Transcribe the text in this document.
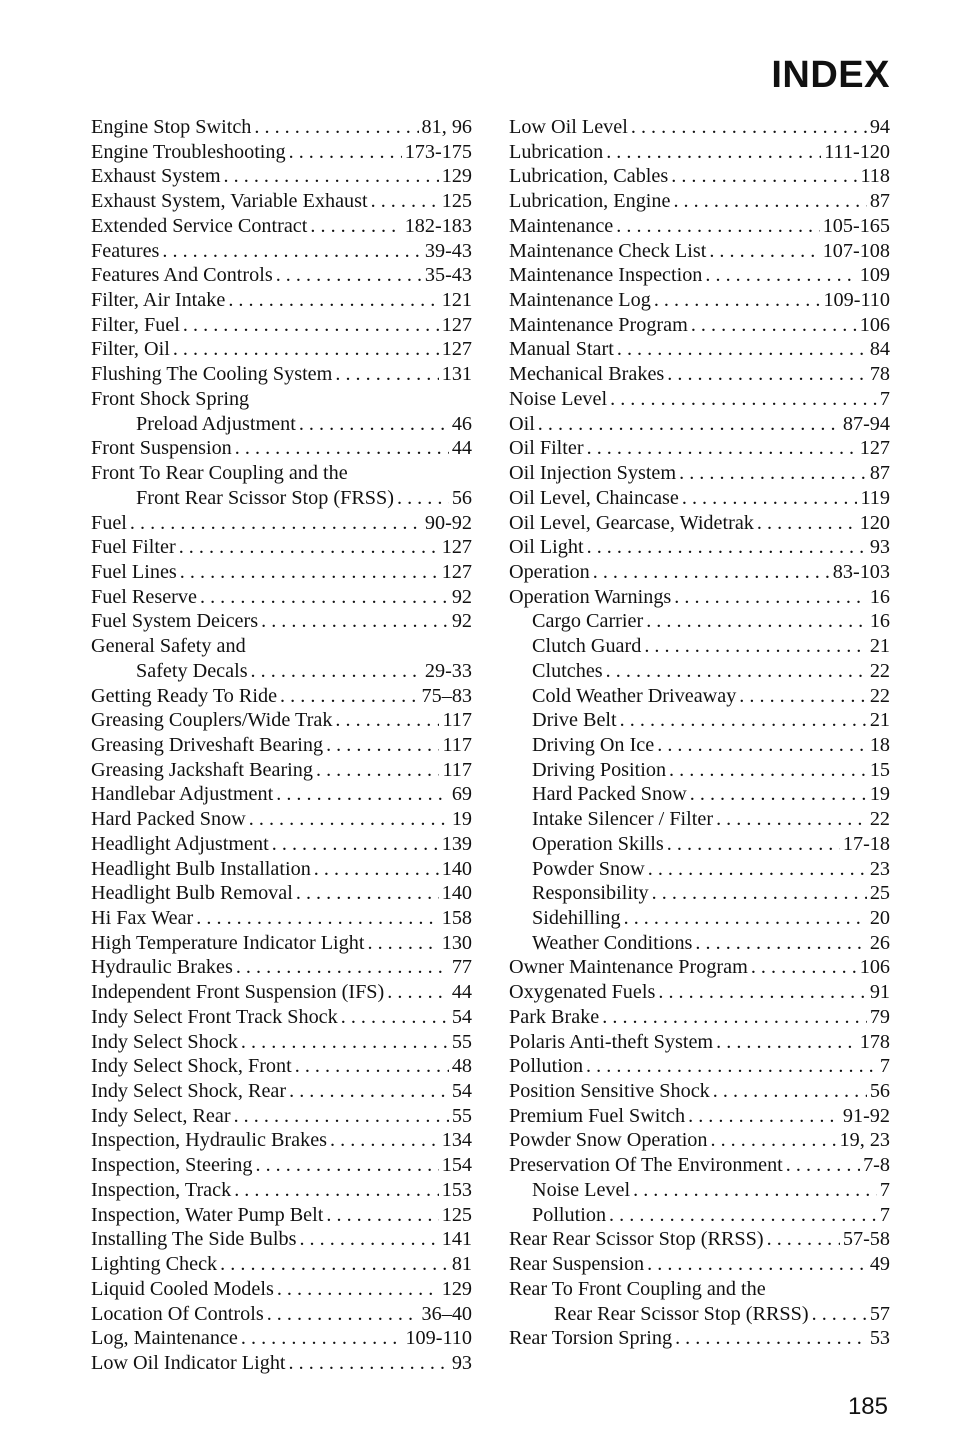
INDEX
Engine Stop Switch . . .	81, 96
Engine Troubleshooting . . .	173-175
Exhaust System . . .	129
Exhaust System, Variable Exhaust . . .	125
Extended Service Contract . . .	182-183
Features . . .	39-43
Features And Controls . . .	35-43
Filter, Air Intake . . .	121
Filter, Fuel . . .	127
Filter, Oil . . .	127
Flushing The Cooling System . . .	131
Front Shock Spring
Preload Adjustment . . .	46
Front Suspension . . .	44
Front To Rear Coupling and the
Front Rear Scissor Stop (FRSS) . . .	56
Fuel . . .	90-92
Fuel Filter . . .	127
Fuel Lines . . .	127
Fuel Reserve . . .	92
Fuel System Deicers . . .	92
General Safety and
Safety Decals . . .	29-33
Getting Ready To Ride . . .	75–83
Greasing Couplers/Wide Trak . . .	117
Greasing Driveshaft Bearing . . .	117
Greasing Jackshaft Bearing . . .	117
Handlebar Adjustment . . .	69
Hard Packed Snow . . .	19
Headlight Adjustment . . .	139
Headlight Bulb Installation . . .	140
Headlight Bulb Removal . . .	140
Hi Fax Wear . . .	158
High Temperature Indicator Light . . .	130
Hydraulic Brakes . . .	77
Independent Front Suspension (IFS) . . .	44
Indy Select Front Track Shock . . .	54
Indy Select Shock . . .	55
Indy Select Shock, Front . . .	48
Indy Select Shock, Rear . . .	54
Indy Select, Rear . . .	55
Inspection, Hydraulic Brakes . . .	134
Inspection, Steering . . .	154
Inspection, Track . . .	153
Inspection, Water Pump Belt . . .	125
Installing The Side Bulbs . . .	141
Lighting Check . . .	81
Liquid Cooled Models . . .	129
Location Of Controls . . .	36–40
Log, Maintenance . . .	109-110
Low Oil Indicator Light . . .	93
Low Oil Level . . .	94
Lubrication . . .	111-120
Lubrication, Cables . . .	118
Lubrication, Engine . . .	87
Maintenance . . .	105-165
Maintenance Check List . . .	107-108
Maintenance Inspection . . .	109
Maintenance Log . . .	109-110
Maintenance Program . . .	106
Manual Start . . .	84
Mechanical Brakes . . .	78
Noise Level . . .	7
Oil . . .	87-94
Oil Filter . . .	127
Oil Injection System . . .	87
Oil Level, Chaincase . . .	119
Oil Level, Gearcase, Widetrak . . .	120
Oil Light . . .	93
Operation . . .	83-103
Operation Warnings . . .	16
Cargo Carrier . . .	16
Clutch Guard . . .	21
Clutches . . .	22
Cold Weather Driveaway . . .	22
Drive Belt . . .	21
Driving On Ice . . .	18
Driving Position . . .	15
Hard Packed Snow . . .	19
Intake Silencer / Filter . . .	22
Operation Skills . . .	17-18
Powder Snow . . .	23
Responsibility . . .	25
Sidehilling . . .	20
Weather Conditions . . .	26
Owner Maintenance Program . . .	106
Oxygenated Fuels . . .	91
Park Brake . . .	79
Polaris Anti-theft System . . .	178
Pollution . . .	7
Position Sensitive Shock . . .	56
Premium Fuel Switch . . .	91-92
Powder Snow Operation . . .	19, 23
Preservation Of The Environment . . .	7-8
Noise Level . . .	7
Pollution . . .	7
Rear Rear Scissor Stop (RRSS) . . .	57-58
Rear Suspension . . .	49
Rear To Front Coupling and the
Rear Rear Scissor Stop (RRSS) . . .	57
Rear Torsion Spring . . .	53
185
